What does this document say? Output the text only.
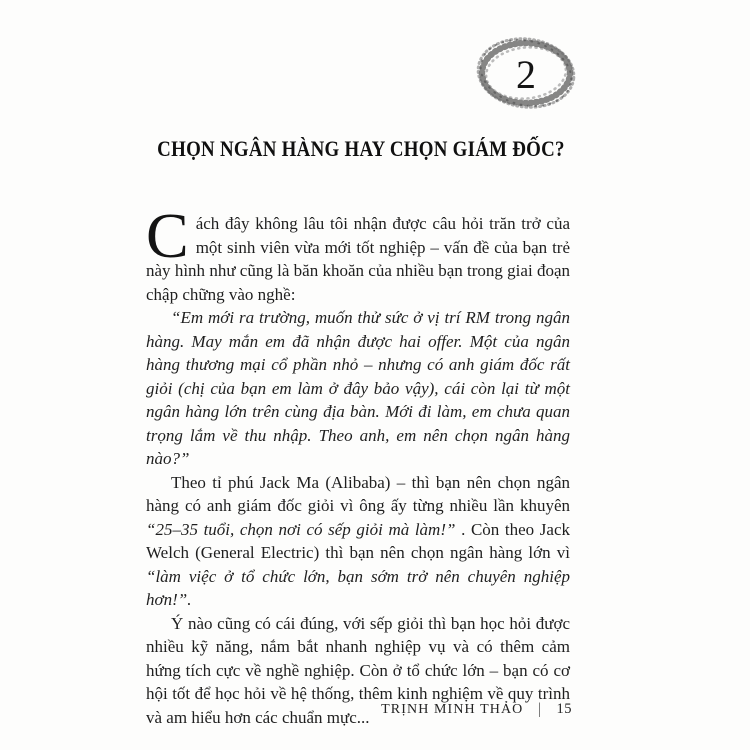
2
CHỌN NGÂN HÀNG HAY CHỌN GIÁM ĐỐC?

C ách đây không lâu tôi nhận được câu hỏi trăn trở của một sinh viên vừa mới tốt nghiệp – vấn đề của bạn trẻ này hình như cũng là băn khoăn của nhiều bạn trong giai đoạn chập chững vào nghề:

“Em mới ra trường, muốn thử sức ở vị trí RM trong ngân hàng. May mắn em đã nhận được hai offer. Một của ngân hàng thương mại cổ phần nhỏ – nhưng có anh giám đốc rất giỏi (chị của bạn em làm ở đây bảo vậy), cái còn lại từ một ngân hàng lớn trên cùng địa bàn. Mới đi làm, em chưa quan trọng lắm về thu nhập. Theo anh, em nên chọn ngân hàng nào?”

Theo tỉ phú Jack Ma (Alibaba) – thì bạn nên chọn ngân hàng có anh giám đốc giỏi vì ông ấy từng nhiều lần khuyên “25–35 tuổi, chọn nơi có sếp giỏi mà làm!” . Còn theo Jack Welch (General Electric) thì bạn nên chọn ngân hàng lớn vì “làm việc ở tổ chức lớn, bạn sớm trở nên chuyên nghiệp hơn!”.

Ý nào cũng có cái đúng, với sếp giỏi thì bạn học hỏi được nhiều kỹ năng, nắm bắt nhanh nghiệp vụ và có thêm cảm hứng tích cực về nghề nghiệp. Còn ở tổ chức lớn – bạn có cơ hội tốt để học hỏi về hệ thống, thêm kinh nghiệm về quy trình và am hiểu hơn các chuẩn mực... TRỊNH MINH THẢO | 15
